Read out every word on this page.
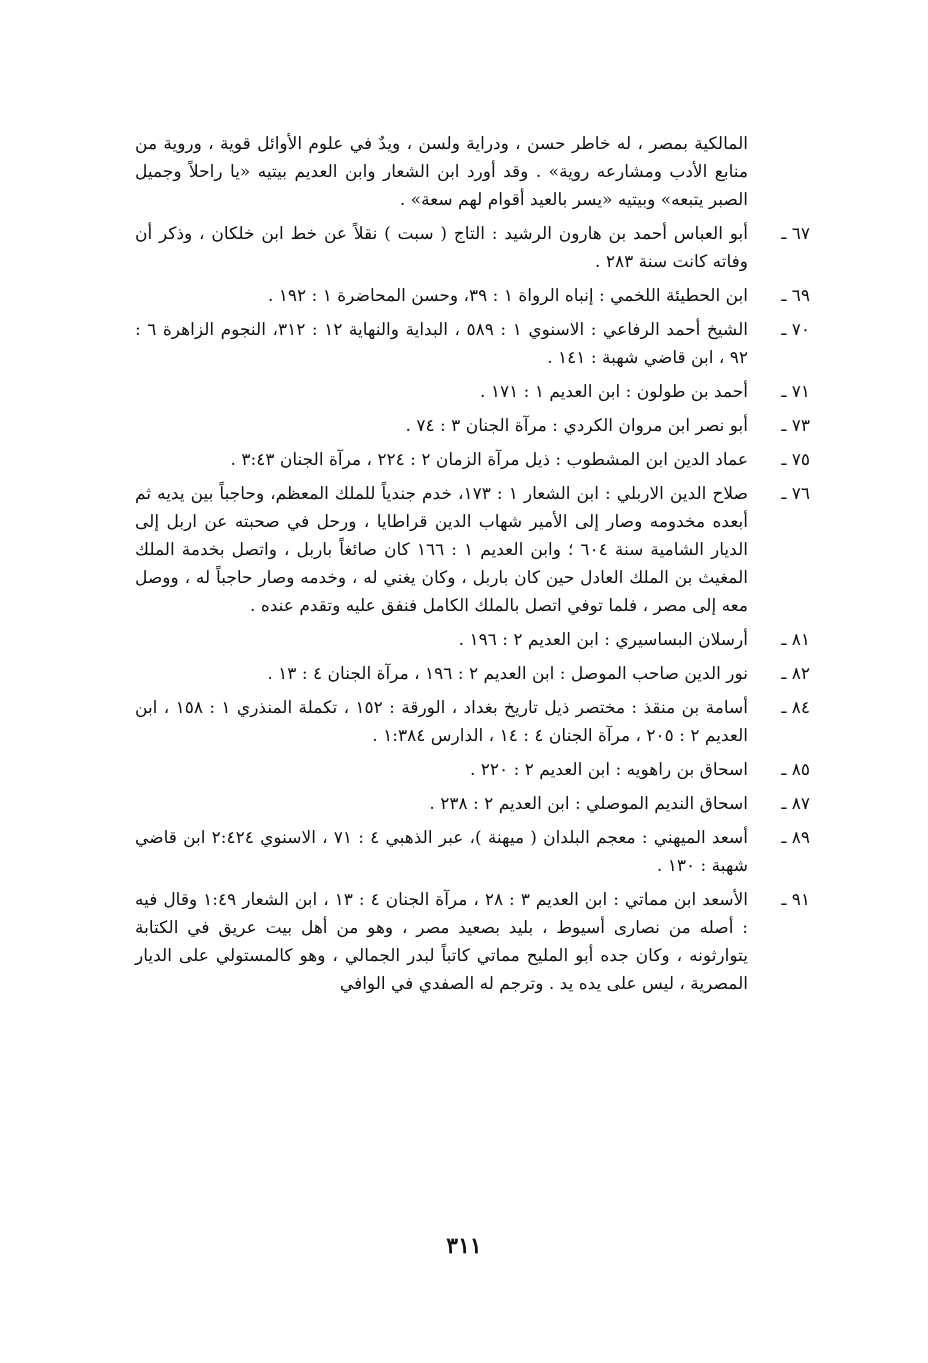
المالكية بمصر ، له خاطر حسن ، ودراية ولسن ، ويدٌ في علوم الأوائل قوية ، وروية من منابع الأدب ومشارعه روية» . وقد أورد ابن الشعار وابن العديم بيتيه «يا راحلاً وجميل الصبر يتبعه» وبيتيه «يسر بالعيد أقوام لهم سعة» .

٦٧ ـ
أبو العباس أحمد بن هارون الرشيد : التاج ( سبت ) نقلاً عن خط ابن خلكان ، وذكر أن وفاته كانت سنة ٢٨٣ .
٦٩ ـ
ابن الحطيئة اللخمي : إنباه الرواة ١ : ٣٩، وحسن المحاضرة ١ : ١٩٢ .
٧٠ ـ
الشيخ أحمد الرفاعي : الاسنوي ١ : ٥٨٩ ، البداية والنهاية ١٢ : ٣١٢، النجوم الزاهرة ٦ : ٩٢ ، ابن قاضي شهبة : ١٤١ .
٧١ ـ
أحمد بن طولون : ابن العديم ١ : ١٧١ .
٧٣ ـ
أبو نصر ابن مروان الكردي : مرآة الجنان ٣ : ٧٤ .
٧٥ ـ
عماد الدين ابن المشطوب : ذيل مرآة الزمان ٢ : ٢٢٤ ، مرآة الجنان ٣:٤٣ .
٧٦ ـ
صلاح الدين الاربلي : ابن الشعار ١ : ١٧٣، خدم جندياً للملك المعظم، وحاجباً بين يديه ثم أبعده مخدومه وصار إلى الأمير شهاب الدين قراطايا ، ورحل في صحبته عن اربل إلى الديار الشامية سنة ٦٠٤ ؛ وابن العديم ١ : ١٦٦ كان صائغاً باربل ، واتصل بخدمة الملك المغيث بن الملك العادل حين كان باربل ، وكان يغني له ، وخدمه وصار حاجباً له ، ووصل معه إلى مصر ، فلما توفي اتصل بالملك الكامل فنفق عليه وتقدم عنده .
٨١ ـ
أرسلان البساسيري : ابن العديم ٢ : ١٩٦ .
٨٢ ـ
نور الدين صاحب الموصل : ابن العديم ٢ : ١٩٦ ، مرآة الجنان ٤ : ١٣ .
٨٤ ـ
أسامة بن منقذ : مختصر ذيل تاريخ بغداد ، الورقة : ١٥٢ ، تكملة المنذري ١ : ١٥٨ ، ابن العديم ٢ : ٢٠٥ ، مرآة الجنان ٤ : ١٤ ، الدارس ١:٣٨٤ .
٨٥ ـ
اسحاق بن راهويه : ابن العديم ٢ : ٢٢٠ .
٨٧ ـ
اسحاق النديم الموصلي : ابن العديم ٢ : ٢٣٨ .
٨٩ ـ
أسعد الميهني : معجم البلدان ( ميهنة )، عبر الذهبي ٤ : ٧١ ، الاسنوي ٢:٤٢٤ ابن قاضي شهبة : ١٣٠ .
٩١ ـ
الأسعد ابن مماتي : ابن العديم ٣ : ٢٨ ، مرآة الجنان ٤ : ١٣ ، ابن الشعار ١:٤٩ وقال فيه : أصله من نصارى أسيوط ، بليد بصعيد مصر ، وهو من أهل بيت عريق في الكتابة يتوارثونه ، وكان جده أبو المليح مماتي كاتباً لبدر الجمالي ، وهو كالمستولي على الديار المصرية ، ليس على يده يد . وترجم له الصفدي في الوافي
٣١١
